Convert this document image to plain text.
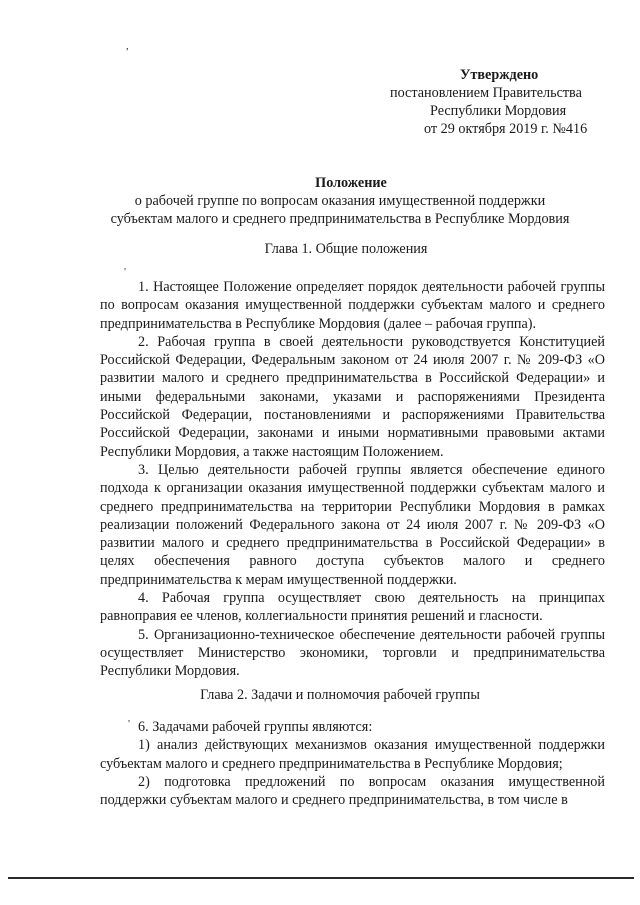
,
Утверждено
постановлением Правительства
Республики Мордовия
от 29 октября 2019 г. №416
Положение
о рабочей группе по вопросам оказания имущественной поддержки
субъектам малого и среднего предпринимательства в Республике Мордовия
Глава 1. Общие положения
'

1. Настоящее Положение определяет порядок деятельности рабочей группы по вопросам оказания имущественной поддержки субъектам малого и среднего предпринимательства в Республике Мордовия (далее – рабочая группа).

2. Рабочая группа в своей деятельности руководствуется Конституцией Российской Федерации, Федеральным законом от 24 июля 2007 г. № 209-ФЗ «О развитии малого и среднего предпринимательства в Российской Федерации» и иными федеральными законами, указами и распоряжениями Президента Российской Федерации, постановлениями и распоряжениями Правительства Российской Федерации, законами и иными нормативными правовыми актами Республики Мордовия, а также настоящим Положением.

3. Целью деятельности рабочей группы является обеспечение единого подхода к организации оказания имущественной поддержки субъектам малого и среднего предпринимательства на территории Республики Мордовия в рамках реализации положений Федерального закона от 24 июля 2007 г. № 209-ФЗ «О развитии малого и среднего предпринимательства в Российской Федерации» в целях обеспечения равного доступа субъектов малого и среднего предпринимательства к мерам имущественной поддержки.

4. Рабочая группа осуществляет свою деятельность на принципах равноправия ее членов, коллегиальности принятия решений и гласности.

5. Организационно-техническое обеспечение деятельности рабочей группы осуществляет Министерство экономики, торговли и предпринимательства Республики Мордовия.

Глава 2. Задачи и полномочия рабочей группы
' 6. Задачами рабочей группы являются:

1) анализ действующих механизмов оказания имущественной поддержки субъектам малого и среднего предпринимательства в Республике Мордовия;

2) подготовка предложений по вопросам оказания имущественной поддержки субъектам малого и среднего предпринимательства, в том числе в
